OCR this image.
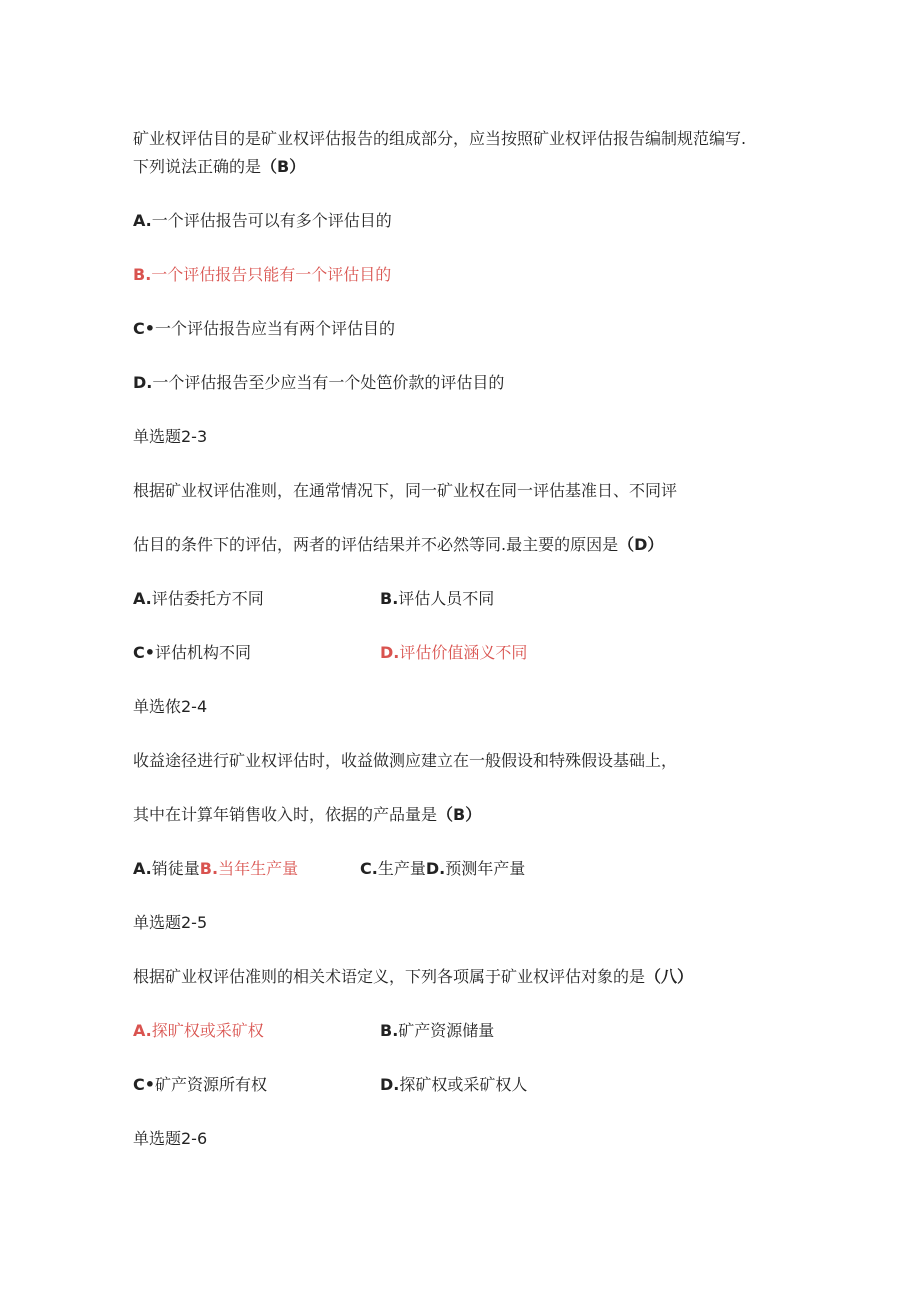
矿业权评估目的是矿业权评估报告的组成部分，应当按照矿业权评估报告编制规范编写.
下列说法正确的是（B）
A.一个评估报告可以有多个评估目的
B.一个评估报告只能有一个评估目的
C•一个评估报告应当有两个评估目的
D.一个评估报告至少应当有一个处笆价款的评估目的
单选题2-3
根据矿业权评估准则，在通常情况下，同一矿业权在同一评估基准日、不同评
估目的条件下的评估，两者的评估结果并不必然等同.最主要的原因是（D）
A.评估委托方不同	B.评估人员不同
C•评估机构不同	D.评估价值涵义不同
单选侬2-4
收益途径进行矿业权评估时，收益做测应建立在一般假设和特殊假设基础上，
其中在计算年销售收入时，依据的产品量是（B）
A.销徒量B.当年生产量	C.生产量D.预测年产量
单选题2-5
根据矿业权评估准则的相关术语定义，下列各项属于矿业权评估对象的是（八）
A.探旷权或采矿权	B.矿产资源储量
C•矿产资源所有权	D.探矿权或采矿权人
单选题2-6
